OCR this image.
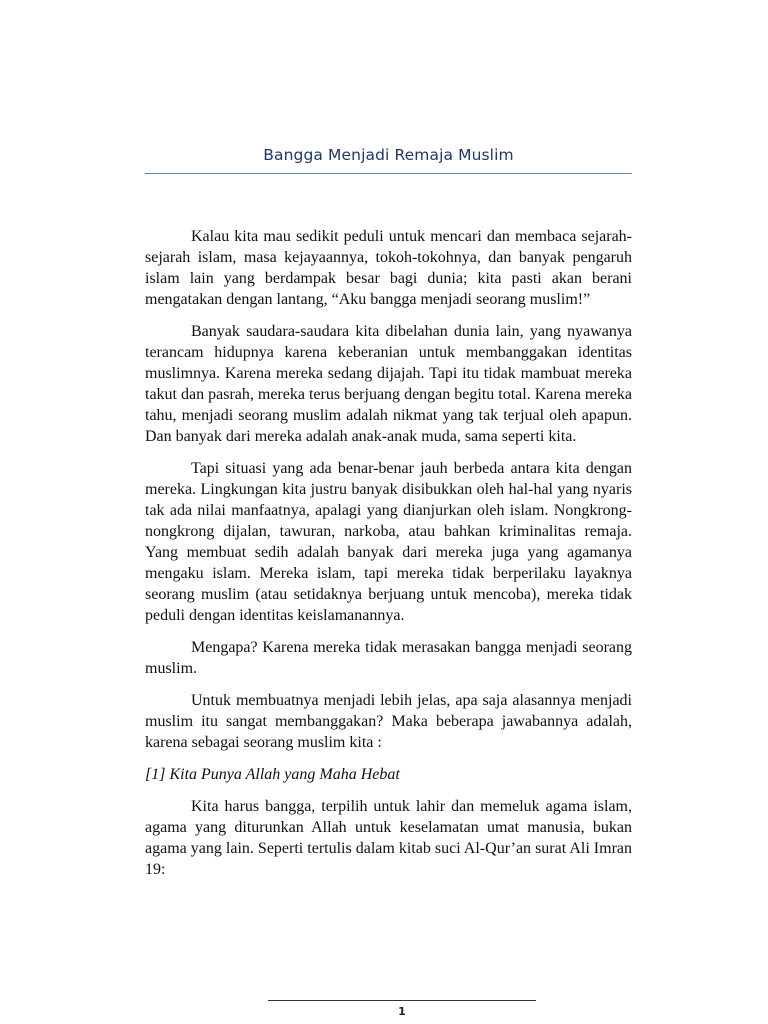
Bangga Menjadi Remaja Muslim

Kalau kita mau sedikit peduli untuk mencari dan membaca sejarah-sejarah islam, masa kejayaannya, tokoh-tokohnya, dan banyak pengaruh islam lain yang berdampak besar bagi dunia; kita pasti akan berani mengatakan dengan lantang, “Aku bangga menjadi seorang muslim!”

Banyak saudara-saudara kita dibelahan dunia lain, yang nyawanya terancam hidupnya karena keberanian untuk membanggakan identitas muslimnya. Karena mereka sedang dijajah. Tapi itu tidak mambuat mereka takut dan pasrah, mereka terus berjuang dengan begitu total. Karena mereka tahu, menjadi seorang muslim adalah nikmat yang tak terjual oleh apapun. Dan banyak dari mereka adalah anak-anak muda, sama seperti kita.

Tapi situasi yang ada benar-benar jauh berbeda antara kita dengan mereka. Lingkungan kita justru banyak disibukkan oleh hal-hal yang nyaris tak ada nilai manfaatnya, apalagi yang dianjurkan oleh islam. Nongkrong-nongkrong dijalan, tawuran, narkoba, atau bahkan kriminalitas remaja. Yang membuat sedih adalah banyak dari mereka juga yang agamanya mengaku islam. Mereka islam, tapi mereka tidak berperilaku layaknya seorang muslim (atau setidaknya berjuang untuk mencoba), mereka tidak peduli dengan identitas keislamanannya.

Mengapa? Karena mereka tidak merasakan bangga menjadi seorang muslim.

Untuk membuatnya menjadi lebih jelas, apa saja alasannya menjadi muslim itu sangat membanggakan? Maka beberapa jawabannya adalah, karena sebagai seorang muslim kita :

[1] Kita Punya Allah yang Maha Hebat

Kita harus bangga, terpilih untuk lahir dan memeluk agama islam, agama yang diturunkan Allah untuk keselamatan umat manusia, bukan agama yang lain. Seperti tertulis dalam kitab suci Al-Qur’an surat Ali Imran 19:

1
